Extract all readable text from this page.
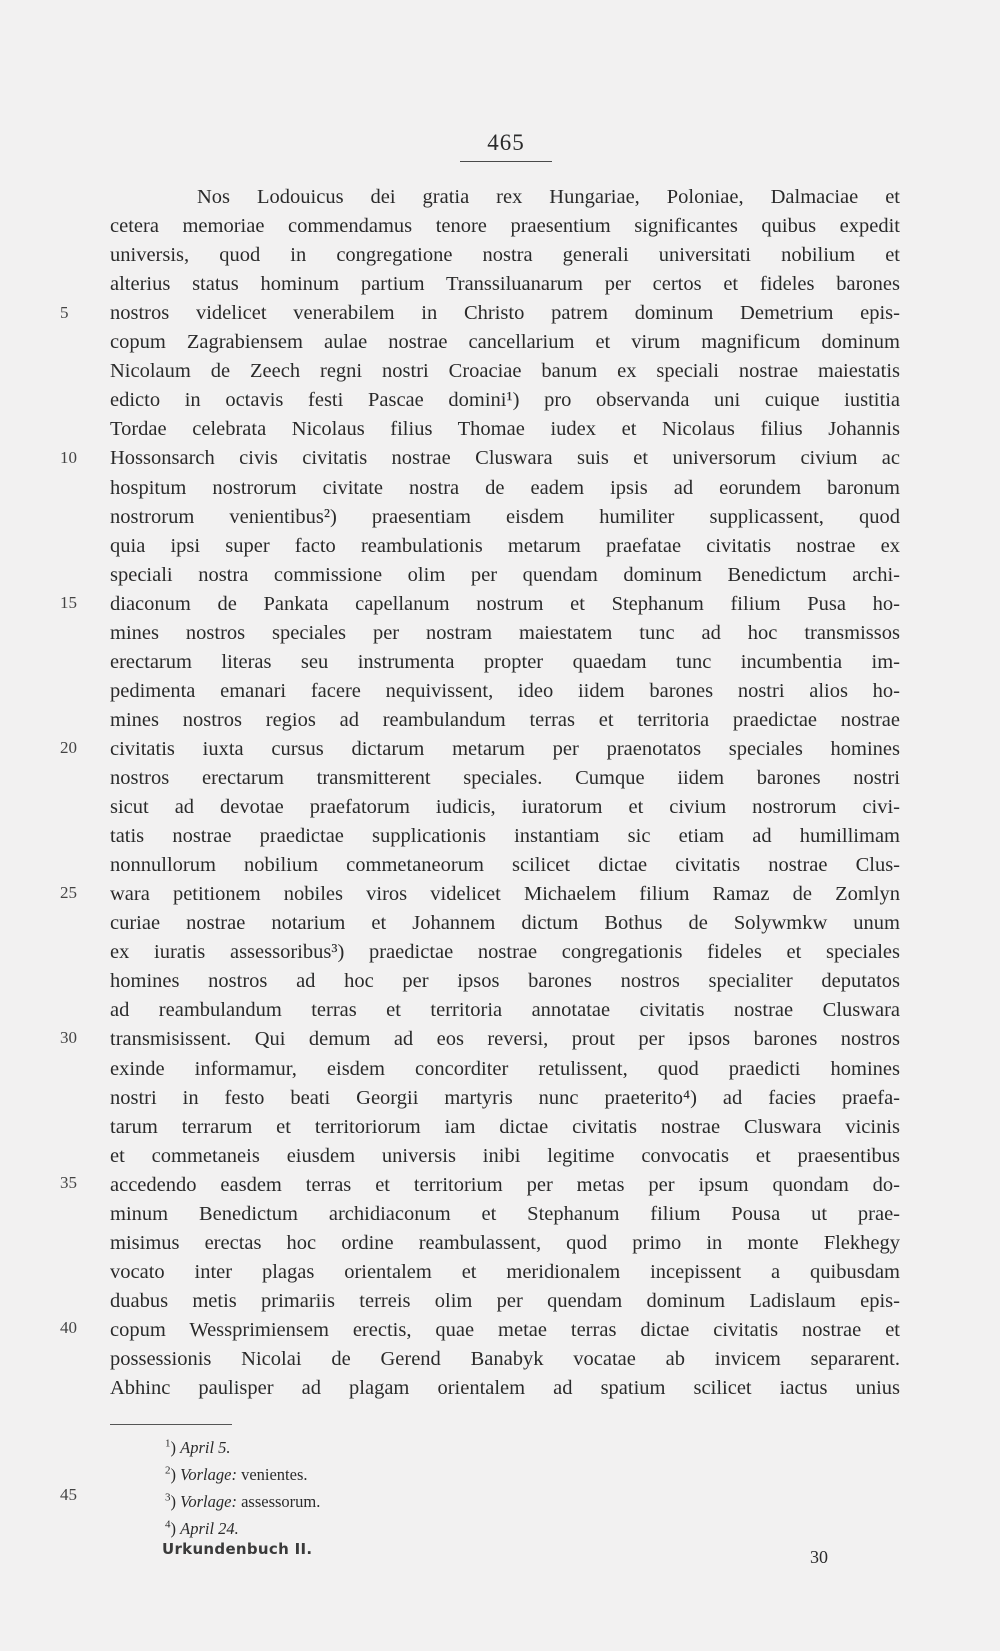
465
Nos Lodouicus dei gratia rex Hungariae, Poloniae, Dalmaciae et
cetera memoriae commendamus tenore praesentium significantes quibus expedit
universis, quod in congregatione nostra generali universitati nobilium et
alterius status hominum partium Transsiluanarum per certos et fideles barones
nostros videlicet venerabilem in Christo patrem dominum Demetrium epis-
copum Zagrabiensem aulae nostrae cancellarium et virum magnificum dominum
Nicolaum de Zeech regni nostri Croaciae banum ex speciali nostrae maiestatis
edicto in octavis festi Pascae domini¹) pro observanda uni cuique iustitia
Tordae celebrata Nicolaus filius Thomae iudex et Nicolaus filius Johannis
Hossonsarch civis civitatis nostrae Cluswara suis et universorum civium ac
hospitum nostrorum civitate nostra de eadem ipsis ad eorundem baronum
nostrorum venientibus²) praesentiam eisdem humiliter supplicassent, quod
quia ipsi super facto reambulationis metarum praefatae civitatis nostrae ex
speciali nostra commissione olim per quendam dominum Benedictum archi-
diaconum de Pankata capellanum nostrum et Stephanum filium Pusa ho-
mines nostros speciales per nostram maiestatem tunc ad hoc transmissos
erectarum literas seu instrumenta propter quaedam tunc incumbentia im-
pedimenta emanari facere nequivissent, ideo iidem barones nostri alios ho-
mines nostros regios ad reambulandum terras et territoria praedictae nostrae
civitatis iuxta cursus dictarum metarum per praenotatos speciales homines
nostros erectarum transmitterent speciales. Cumque iidem barones nostri
sicut ad devotae praefatorum iudicis, iuratorum et civium nostrorum civi-
tatis nostrae praedictae supplicationis instantiam sic etiam ad humillimam
nonnullorum nobilium commetaneorum scilicet dictae civitatis nostrae Clus-
wara petitionem nobiles viros videlicet Michaelem filium Ramaz de Zomlyn
curiae nostrae notarium et Johannem dictum Bothus de Solywmkw unum
ex iuratis assessoribus³) praedictae nostrae congregationis fideles et speciales
homines nostros ad hoc per ipsos barones nostros specialiter deputatos
ad reambulandum terras et territoria annotatae civitatis nostrae Cluswara
transmisissent. Qui demum ad eos reversi, prout per ipsos barones nostros
exinde informamur, eisdem concorditer retulissent, quod praedicti homines
nostri in festo beati Georgii martyris nunc praeterito⁴) ad facies praefa-
tarum terrarum et territoriorum iam dictae civitatis nostrae Cluswara vicinis
et commetaneis eiusdem universis inibi legitime convocatis et praesentibus
accedendo easdem terras et territorium per metas per ipsum quondam do-
minum Benedictum archidiaconum et Stephanum filium Pousa ut prae-
misimus erectas hoc ordine reambulassent, quod primo in monte Flekhegy
vocato inter plagas orientalem et meridionalem incepissent a quibusdam
duabus metis primariis terreis olim per quendam dominum Ladislaum epis-
copum Wessprimiensem erectis, quae metae terras dictae civitatis nostrae et
possessionis Nicolai de Gerend Banabyk vocatae ab invicem separarent.
Abhinc paulisper ad plagam orientalem ad spatium scilicet iactus unius
5
10
15
20
25
30
35
40
45
$^1$) April 5.
$^2$) Vorlage: venientes.
$^3$) Vorlage: assessorum.
$^4$) April 24.
Urkundenbuch II.	30
